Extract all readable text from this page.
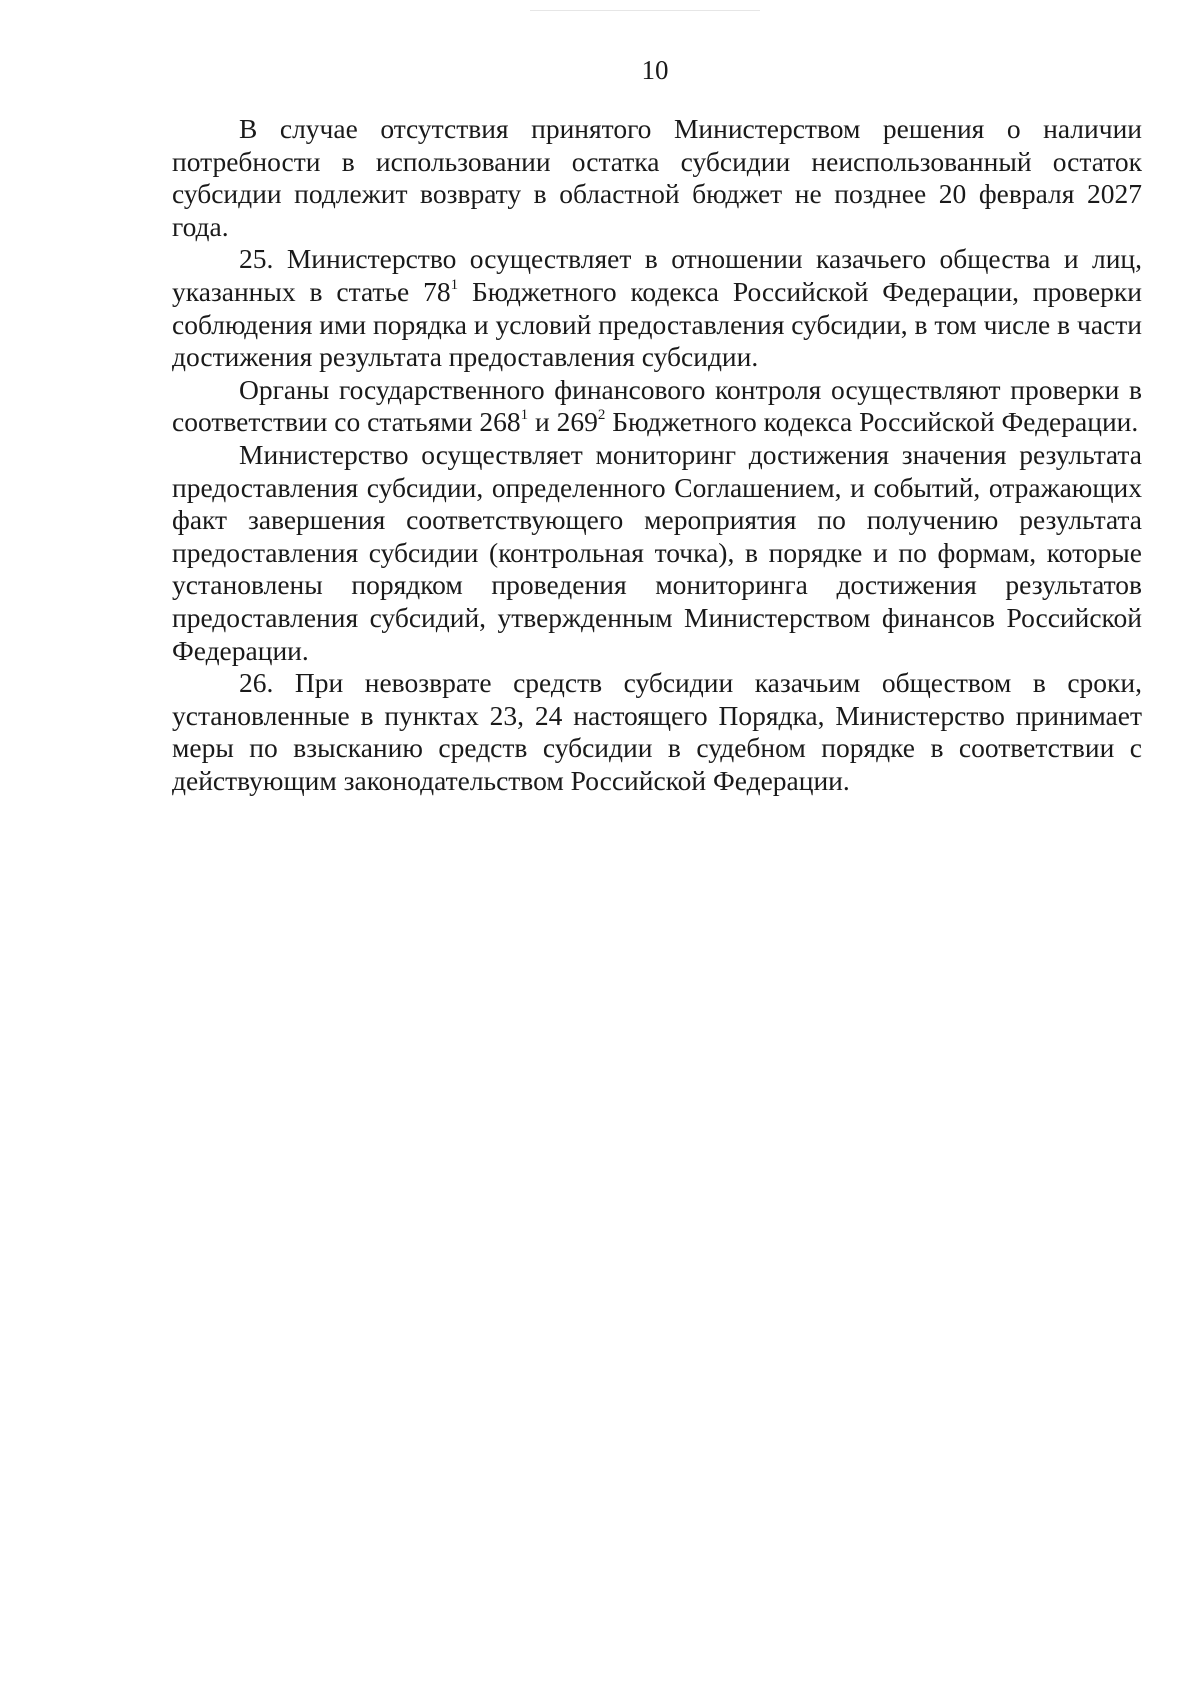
10

В случае отсутствия принятого Министерством решения о наличии потребности в использовании остатка субсидии неиспользованный остаток субсидии подлежит возврату в областной бюджет не позднее 20 февраля 2027 года.

25. Министерство осуществляет в отношении казачьего общества и лиц, указанных в статье $78^1$ Бюджетного кодекса Российской Федерации, проверки соблюдения ими порядка и условий предоставления субсидии, в том числе в части достижения результата предоставления субсидии.

Органы государственного финансового контроля осуществляют проверки в соответствии со статьями $268^1$ и $269^2$ Бюджетного кодекса Российской Федерации.

Министерство осуществляет мониторинг достижения значения результата предоставления субсидии, определенного Соглашением, и событий, отражающих факт завершения соответствующего мероприятия по получению результата предоставления субсидии (контрольная точка), в порядке и по формам, которые установлены порядком проведения мониторинга достижения результатов предоставления субсидий, утвержденным Министерством финансов Российской Федерации.

26. При невозврате средств субсидии казачьим обществом в сроки, установленные в пунктах 23, 24 настоящего Порядка, Министерство принимает меры по взысканию средств субсидии в судебном порядке в соответствии с действующим законодательством Российской Федерации.
